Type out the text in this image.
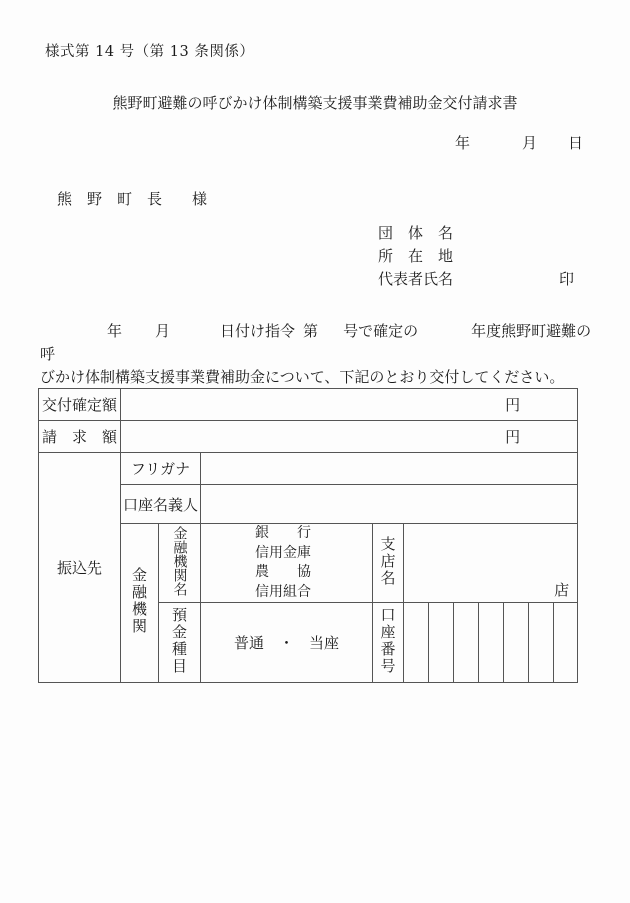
様式第 14 号（第 13 条関係）
熊野町避難の呼びかけ体制構築支援事業費補助金交付請求書
年	月 日
熊　野　町　長　　様
団　体　名
所　在　地
代表者氏名	印
年 月	日付け指令 第 号で確定の	年度熊野町避難の呼
びかけ体制構築支援事業費補助金について、下記のとおり交付してください。
交付確定額	円										
請　求　額	円										
振込先	フリガナ										
	口座名義人										
	金融機関	金融機関名	銀　　行
信用金庫
農　　協
信用組合	支店名	店						

		預金種目	普通　・　当座	口座番号							
